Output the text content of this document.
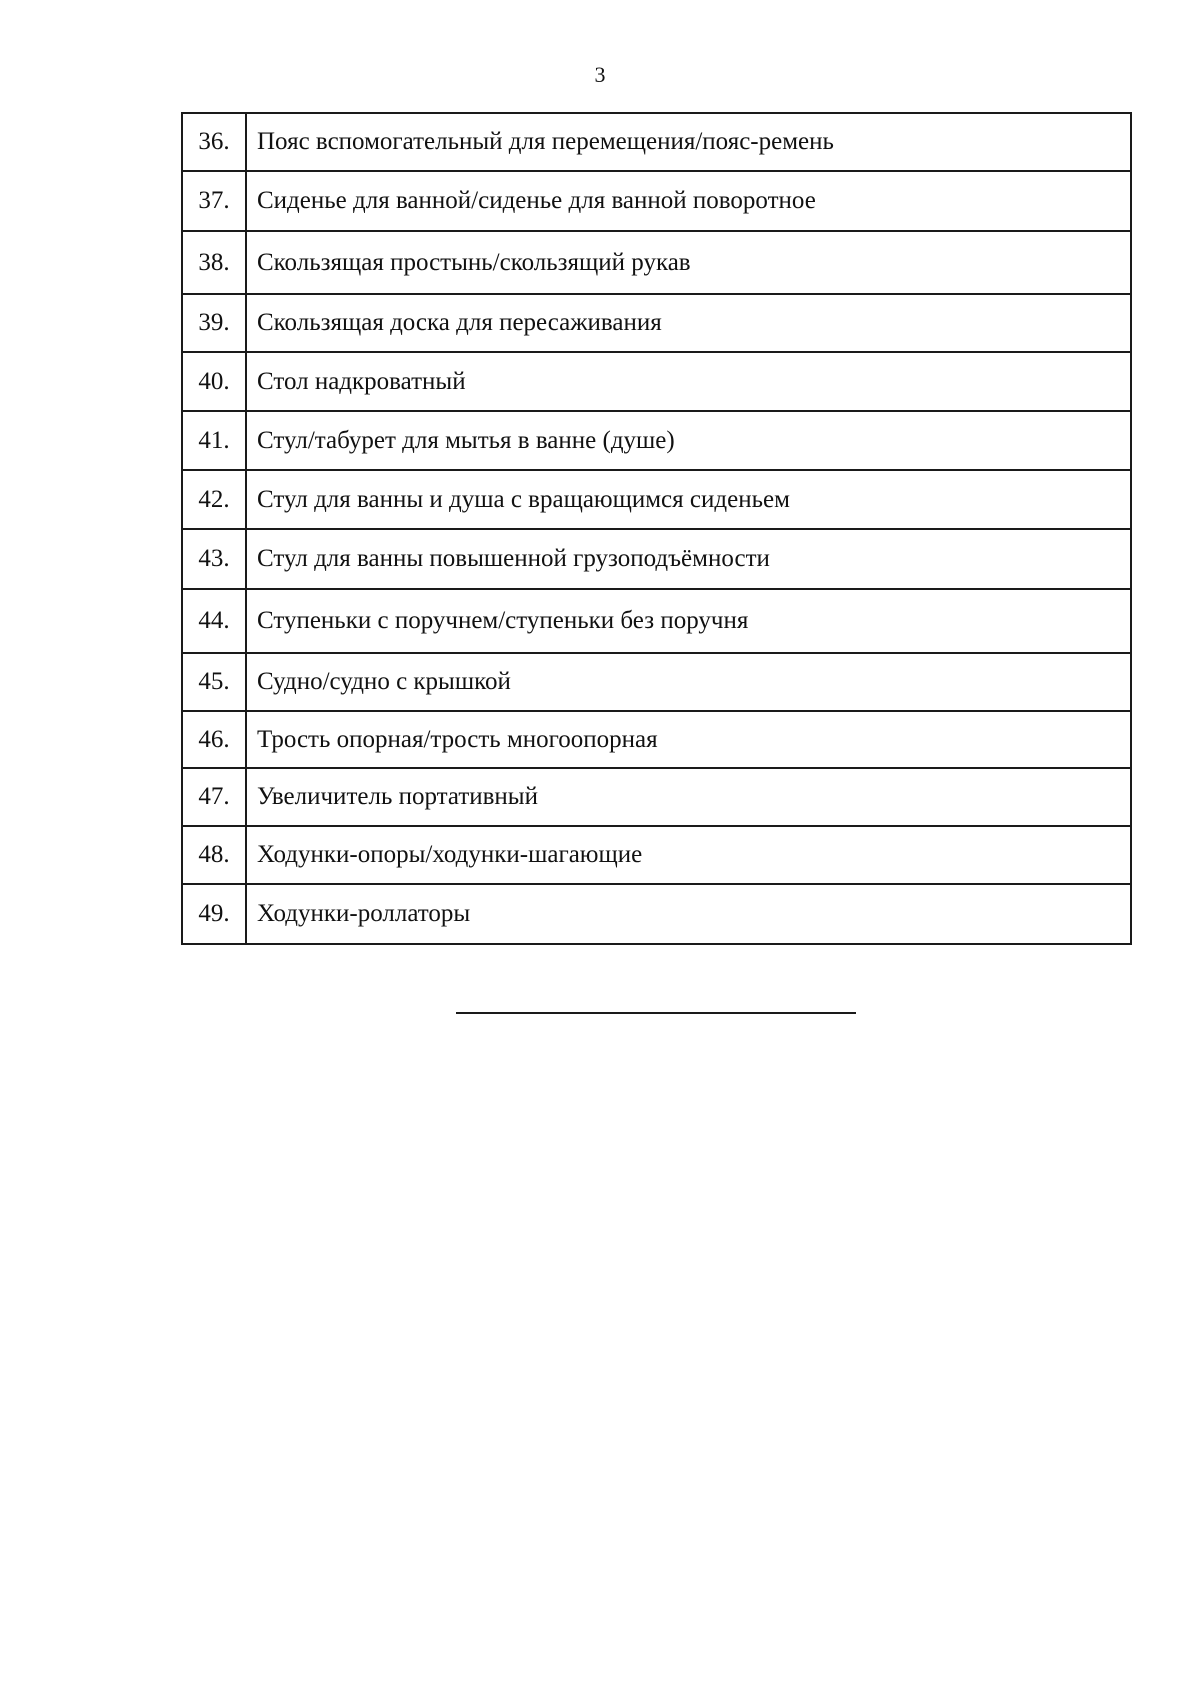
3
36.	Пояс вспомогательный для перемещения/пояс-ремень
37.	Сиденье для ванной/сиденье для ванной поворотное
38.	Скользящая простынь/скользящий рукав
39.	Скользящая доска для пересаживания
40.	Стол надкроватный
41.	Стул/табурет для мытья в ванне (душе)
42.	Стул для ванны и душа с вращающимся сиденьем
43.	Стул для ванны повышенной грузоподъёмности
44.	Ступеньки с поручнем/ступеньки без поручня
45.	Судно/судно с крышкой
46.	Трость опорная/трость многоопорная
47.	Увеличитель портативный
48.	Ходунки-опоры/ходунки-шагающие
49.	Ходунки-роллаторы
